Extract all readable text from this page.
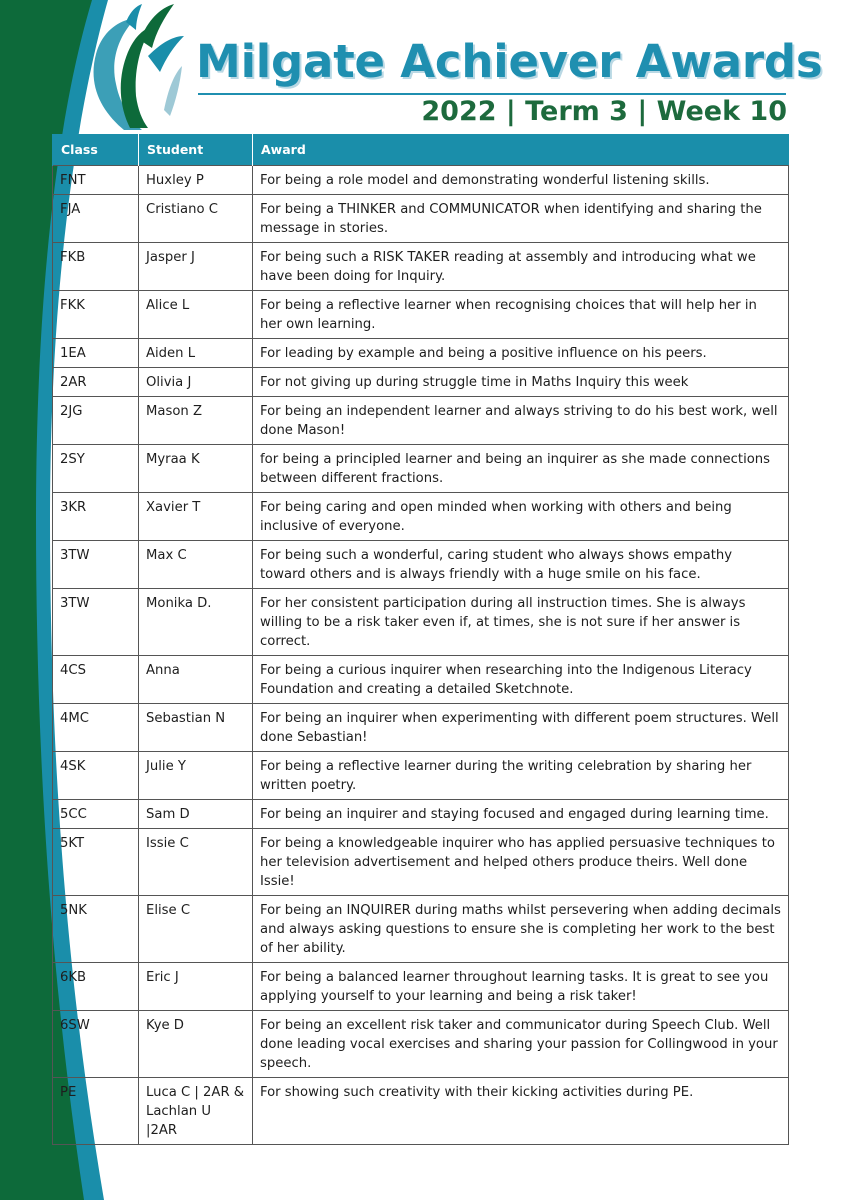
Milgate Achiever Awards
2022 | Term 3 | Week 10
Class	Student	Award
FNT	Huxley P	For being a role model and demonstrating wonderful listening skills.
FJA	Cristiano C	For being a THINKER and COMMUNICATOR when identifying and sharing the message in stories.
FKB	Jasper J	For being such a RISK TAKER reading at assembly and introducing what we have been doing for Inquiry.
FKK	Alice L	For being a reflective learner when recognising choices that will help her in her own learning.
1EA	Aiden L	For leading by example and being a positive influence on his peers.
2AR	Olivia J	For not giving up during struggle time in Maths Inquiry this week
2JG	Mason Z	For being an independent learner and always striving to do his best work, well done Mason!
2SY	Myraa K	for being a principled learner and being an inquirer as she made connections between different fractions.
3KR	Xavier T	For being caring and open minded when working with others and being inclusive of everyone.
3TW	Max C	For being such a wonderful, caring student who always shows empathy toward others and is always friendly with a huge smile on his face.
3TW	Monika D.	For her consistent participation during all instruction times. She is always willing to be a risk taker even if, at times, she is not sure if her answer is correct.
4CS	Anna	For being a curious inquirer when researching into the Indigenous Literacy Foundation and creating a detailed Sketchnote.
4MC	Sebastian N	For being an inquirer when experimenting with different poem structures. Well done Sebastian!
4SK	Julie Y	For being a reflective learner during the writing celebration by sharing her written poetry.
5CC	Sam D	For being an inquirer and staying focused and engaged during learning time.
5KT	Issie C	For being a knowledgeable inquirer who has applied persuasive techniques to her television advertisement and helped others produce theirs. Well done Issie!
5NK	Elise C	For being an INQUIRER during maths whilst persevering when adding decimals and always asking questions to ensure she is completing her work to the best of her ability.
6KB	Eric J	For being a balanced learner throughout learning tasks. It is great to see you applying yourself to your learning and being a risk taker!
6SW	Kye D	For being an excellent risk taker and communicator during Speech Club. Well done leading vocal exercises and sharing your passion for Collingwood in your speech.
PE	Luca C | 2AR & Lachlan U |2AR	For showing such creativity with their kicking activities during PE.
